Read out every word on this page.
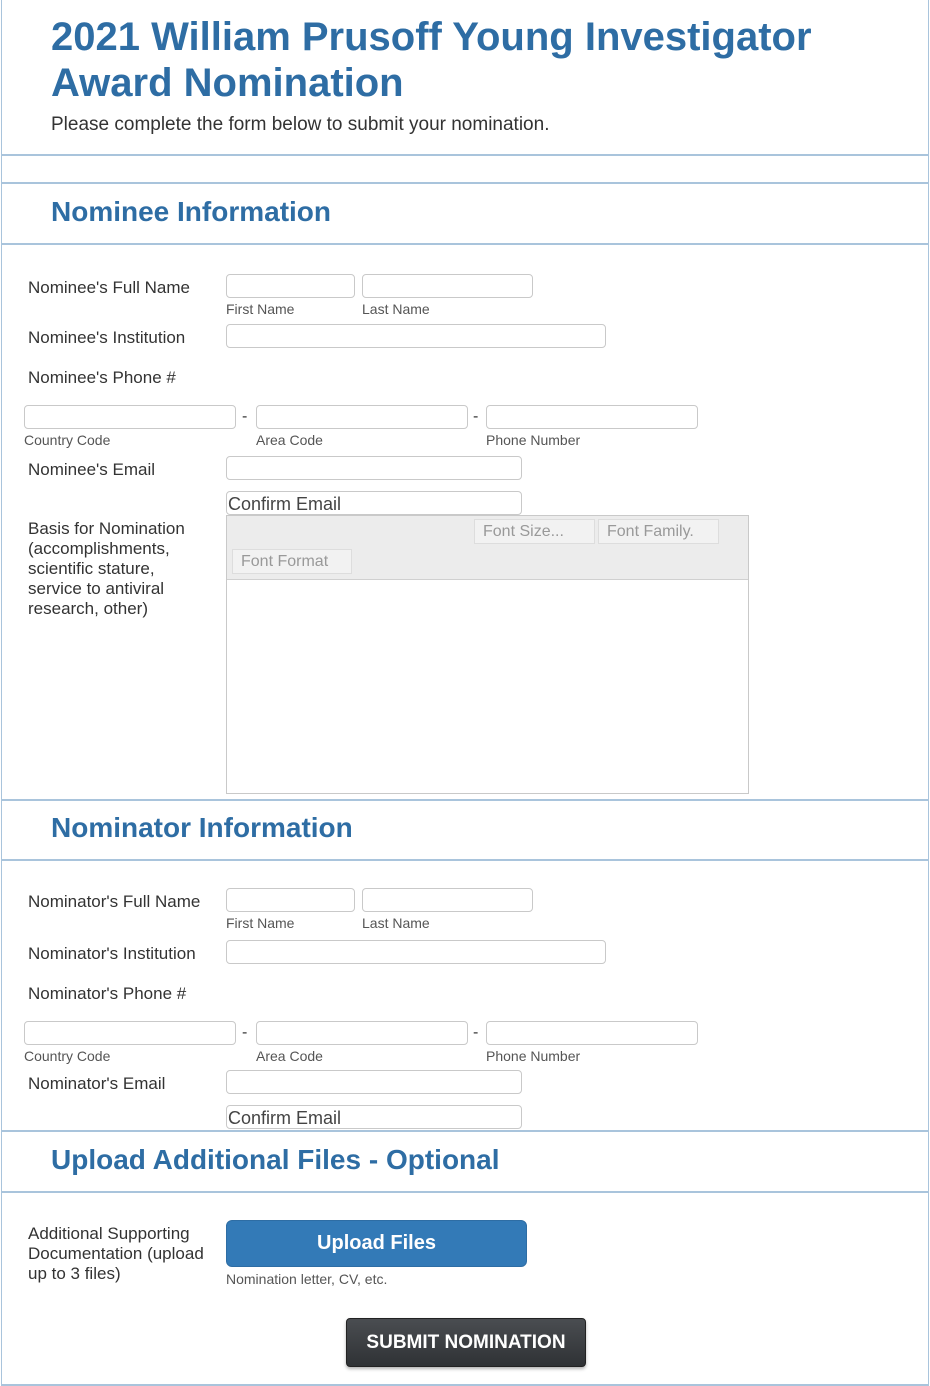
2021 William Prusoff Young Investigator Award Nomination
Please complete the form below to submit your nomination.
Nominee Information
Nominee's Full Name
First Name	Last Name
Nominee's Institution
Nominee's Phone #
-	-
Country Code	Area Code	Phone Number
Nominee's Email
Confirm Email
Basis for Nomination (accomplishments, scientific stature, service to antiviral research, other)
Font Size...	Font Family.
Font Format
Nominator Information
Nominator's Full Name
First Name	Last Name
Nominator's Institution
Nominator's Phone #
-	-
Country Code	Area Code	Phone Number
Nominator's Email
Confirm Email
Upload Additional Files - Optional
Additional Supporting Documentation (upload up to 3 files)
Upload Files
Nomination letter, CV, etc.
SUBMIT NOMINATION
